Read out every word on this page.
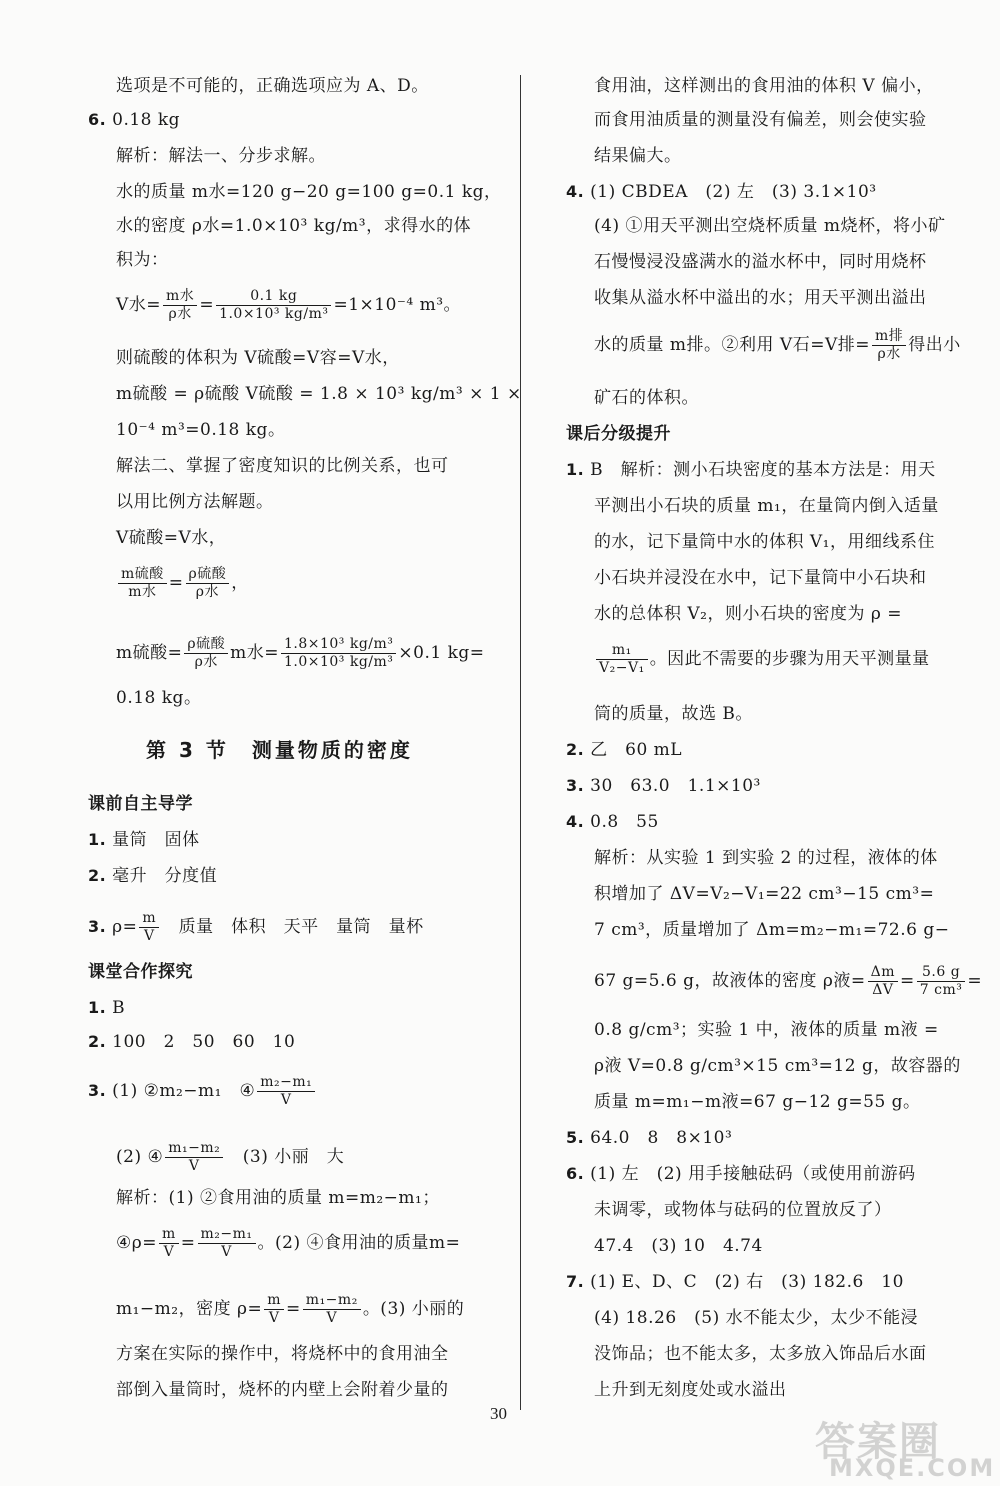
选项是不可能的，正确选项应为 A、D。
6. 0.18 kg
解析：解法一、分步求解。
水的质量 m水=120 g−20 g=100 g=0.1 kg，
水的密度 ρ水=1.0×10³ kg/m³，求得水的体
积为：
V水= $\frac{\text{m水}}{\text{ρ水}} = \frac{0.1 kg}{\text{1.0×10³ kg/m³}} =1\times 10^{-4}$ m³。
则硫酸的体积为 V硫酸=V容=V水，
m硫酸 = ρ硫酸 V硫酸 = 1.8 × 10³ kg/m³ × 1 ×
10⁻⁴ m³=0.18 kg。
解法二、掌握了密度知识的比例关系，也可
以用比例方法解题。
V硫酸=V水，
$\frac{\text{m硫酸}}{\text{m水}} = \frac{\text{ρ硫酸}}{\text{ρ水}}$ ，
m硫酸= $\frac{\text{ρ硫酸}}{\text{ρ水}}$ m水= $\frac{\text{1.8×10³ kg/m³}}{\text{1.0×10³ kg/m³}} \times 0.1$ kg=
0.18 kg。
第 3 节　测量物质的密度
课前自主导学
1. 量筒　固体
2. 毫升　分度值
3. $\rho= \frac{m}{V}$ 　质量　体积　天平　量筒　量杯
课堂合作探究
1. B
2. 100　2　50　60　10
3. (1) ②m₂−m₁　④ $\frac{\text{m₂−m₁}}{V}$
(2) ④ $\frac{\text{m₁−m₂}}{V}$ 　(3) 小丽　大
解析：(1) ②食用油的质量 m=m₂−m₁；
④ρ= $\frac{m}{V} = \frac{\text{m₂−m₁}}{V}$ 。(2) ④食用油的质量m=
m₁−m₂，密度 $\rho= \frac{m}{V} = \frac{\text{m₁−m₂}}{V}$ 。(3) 小丽的
方案在实际的操作中，将烧杯中的食用油全
部倒入量筒时，烧杯的内壁上会附着少量的
食用油，这样测出的食用油的体积 V 偏小，
而食用油质量的测量没有偏差，则会使实验
结果偏大。
4. (1) CBDEA　(2) 左　(3) 3.1×10³
(4) ①用天平测出空烧杯质量 m烧杯，将小矿
石慢慢浸没盛满水的溢水杯中，同时用烧杯
收集从溢水杯中溢出的水；用天平测出溢出
水的质量 m排。②利用 V石=V排= $\frac{\text{m排}}{\text{ρ水}}$ 得出小
矿石的体积。
课后分级提升
1. B　解析：测小石块密度的基本方法是：用天
平测出小石块的质量 m₁，在量筒内倒入适量
的水，记下量筒中水的体积 V₁，用细线系住
小石块并浸没在水中，记下量筒中小石块和
水的总体积 V₂，则小石块的密度为 ρ =
$\frac{\text{m₁}}{\text{V₂−V₁}}$ 。因此不需要的步骤为用天平测量量
筒的质量，故选 B。
2. 乙　60 mL
3. 30　63.0　1.1×10³
4. 0.8　55
解析：从实验 1 到实验 2 的过程，液体的体
积增加了 ΔV=V₂−V₁=22 cm³−15 cm³=
7 cm³，质量增加了 Δm=m₂−m₁=72.6 g−
67 g=5.6 g，故液体的密度 ρ液= $\frac{\Delta m}{\Delta V} = \frac{5.6 g}{\text{7 cm³}}$ =
0.8 g/cm³；实验 1 中，液体的质量 m液 =
ρ液 V=0.8 g/cm³×15 cm³=12 g，故容器的
质量 m=m₁−m液=67 g−12 g=55 g。
5. 64.0　8　8×10³
6. (1) 左　(2) 用手接触砝码（或使用前游码
未调零，或物体与砝码的位置放反了）
47.4　(3) 10　4.74
7. (1) E、D、C　(2) 右　(3) 182.6　10
(4) 18.26　(5) 水不能太少，太少不能浸
没饰品；也不能太多，太多放入饰品后水面
上升到无刻度处或水溢出
30
答案圈
MXQE.COM
